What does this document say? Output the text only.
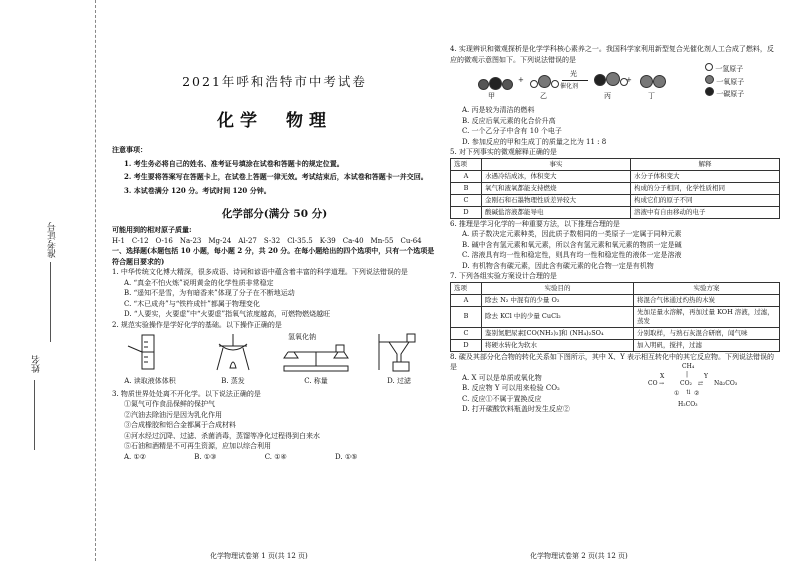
准考证号
姓名

2021年呼和浩特市中考试卷

化学　物理

注意事项：

1. 考生务必将自己的姓名、准考证号填涂在试卷和答题卡的规定位置。

2. 考生要将答案写在答题卡上，在试卷上答题一律无效。考试结束后，本试卷和答题卡一并交回。

3. 本试卷满分 120 分。考试时间 120 分钟。

化学部分(满分 50 分)

可能用到的相对原子质量:

H-1　C-12　O-16　Na-23　Mg-24　Al-27　S-32　Cl-35.5　K-39　Ca-40　Mn-55　Cu-64

一、选择题(本题包括 10 小题，每小题 2 分，共 20 分。在每小题给出的四个选项中，只有一个选项是符合题目要求的)

1. 中华传统文化博大精深，很多成语、诗词和谚语中蕴含着丰富的科学道理。下列说法错误的是

A. “真金不怕火炼”说明黄金的化学性质非常稳定

B. “遥知不是雪，为有暗香来”体现了分子在不断地运动

C. “木已成舟”与“铁杵成针”都属于物理变化

D. “人要实，火要虚”中“火要虚”指氧气浓度越高，可燃物燃烧越旺

2. 规范实验操作是学好化学的基础。以下操作正确的是

A. 读取液体体积	B. 蒸发

氢氧化钠

C. 称量	D. 过滤

3. 物质世界处处离不开化学。以下说法正确的是

①氮气可作食品保鲜的保护气

②汽油去除油污是因为乳化作用

③合成橡胶和铝合金都属于合成材料

④河水经过沉降、过滤、杀菌消毒，蒸馏等净化过程得到白来水

⑤石油和酒精是不可再生资源，应加以综合利用

A. ①②	B. ①③	C. ①④	D. ①⑤

化学物理试卷第 1 页(共 12 页)

4. 实现辨识和微观探析是化学学科核心素养之一。我国科学家利用新型复合光催化剂人工合成了燃料，反应的微观示意图如下。下列说法错误的是

+
光
催化剂
+
甲	乙	丙	丁

一氢原子

一氧原子

一碳原子

A. 丙是较为清洁的燃料

B. 反应后氧元素的化合价升高

C. 一个乙分子中含有 10 个电子

D. 参加反应的甲和生成丁的质量之比为 11 : 8

5. 对下列事实的微观解释正确的是

选项	事实	解释
A	水遇冷结成冰，体积变大	水分子体积变大
B	氧气和液氧都能支持燃烧	构成的分子相同，化学性质相同
C	金刚石和石墨物理性质差异较大	构成它们的原子不同
D	酸碱盐溶液都能导电	溶液中有自由移动的电子

6. 推理是学习化学的一种重要方法，以下推理合理的是

A. 质子数决定元素种类，因此质子数相同的一类原子一定属于同种元素

B. 碱中含有氢元素和氧元素，所以含有氢元素和氧元素的物质一定是碱

C. 溶液具有均一性和稳定性，则具有均一性和稳定性的液体一定是溶液

D. 有机物含有碳元素，因此含有碳元素的化合物一定是有机物

7. 下列各组实验方案设计合理的是

选项	实验目的	实验方案
A	除去 N₂ 中混有的少量 O₂	将混合气体通过灼热的木炭
B	除去 KCl 中的少量 CuCl₂	先加足量水溶解，再加过量 KOH 溶液，过滤，蒸发
C	鉴别氮肥尿素[CO(NH₂)₂]和 (NH₄)₂SO₄	分别取样，与熟石灰混合研磨，闻气味
D	将硬水转化为软水	加入明矾，搅拌，过滤

8. 碳及其部分化合物的转化关系如下图所示，其中 X、Y 表示相互转化中的其它反应物。下列说法错误的是

A. X 可以是单质或氧化物

B. 反应物 Y 可以用来检验 CO₂

C. 反应①不属于置换反应

D. 打开碳酸饮料瓶盖时发生反应②

CH₄
|
CO
X
→	CO₂
Y
⇄ Na₂CO₃
① ⇅ ②
H₂CO₃

化学物理试卷第 2 页(共 12 页)
